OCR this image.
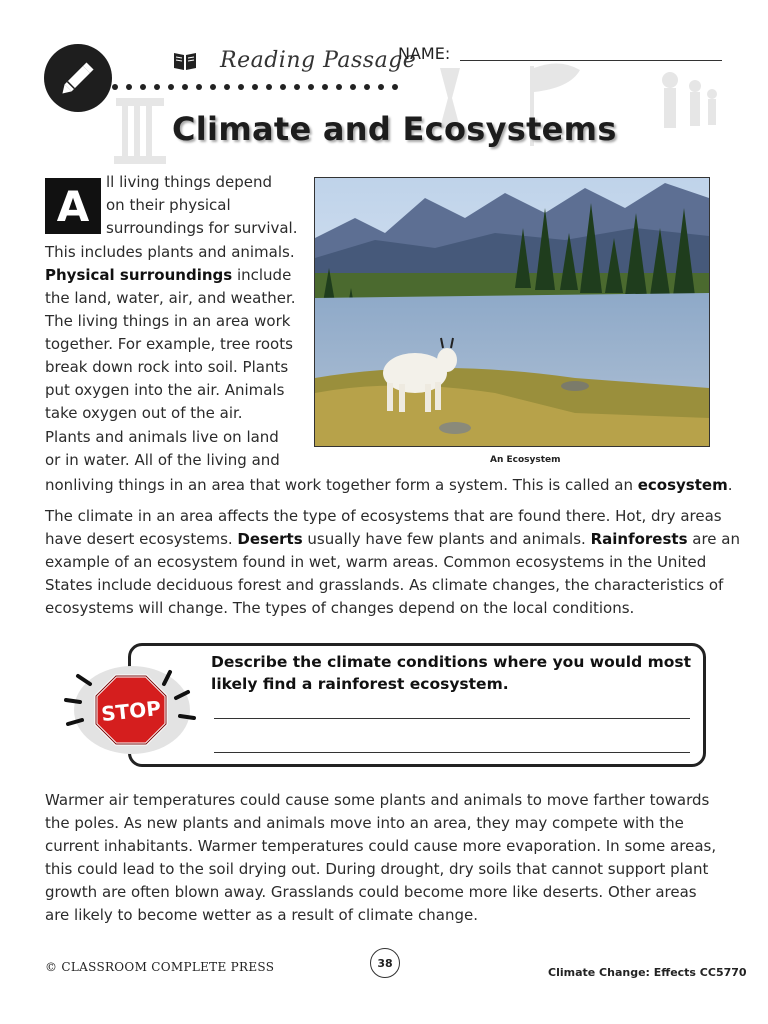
Reading Passage
NAME:
Climate and Ecosystems
A	ll living things depend
on their physical
surroundings for survival.
This includes plants and animals.
Physical surroundings include
the land, water, air, and weather.
The living things in an area work
together. For example, tree roots
break down rock into soil. Plants
put oxygen into the air. Animals
take oxygen out of the air.
Plants and animals live on land
or in water. All of the living and
nonliving things in an area that work together form a system. This is called an ecosystem.
An Ecosystem
The climate in an area affects the type of ecosystems that are found there. Hot, dry areas
have desert ecosystems. Deserts usually have few plants and animals. Rainforests are an
example of an ecosystem found in wet, warm areas. Common ecosystems in the United
States include deciduous forest and grasslands. As climate changes, the characteristics of
ecosystems will change. The types of changes depend on the local conditions.
STOP
Describe the climate conditions where you would most
likely find a rainforest ecosystem.
Warmer air temperatures could cause some plants and animals to move farther towards
the poles. As new plants and animals move into an area, they may compete with the
current inhabitants. Warmer temperatures could cause more evaporation. In some areas,
this could lead to the soil drying out. During drought, dry soils that cannot support plant
growth are often blown away. Grasslands could become more like deserts. Other areas
are likely to become wetter as a result of climate change.
© CLASSROOM COMPLETE PRESS	38
Climate Change: Effects CC5770
